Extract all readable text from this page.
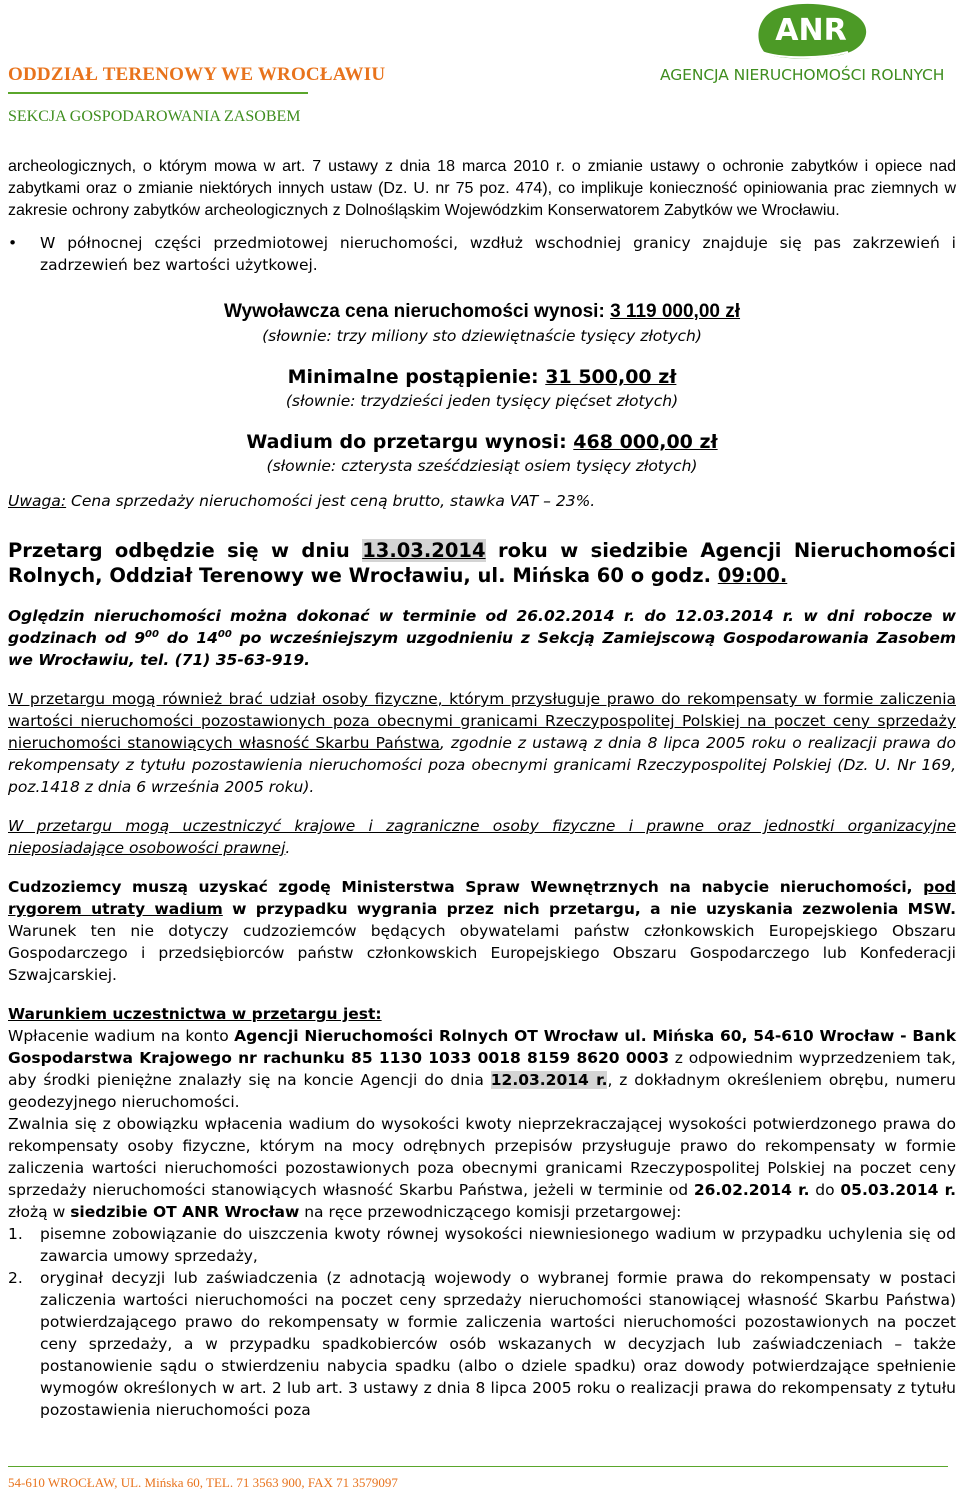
ODDZIAŁ TERENOWY WE WROCŁAWIU
SEKCJA GOSPODAROWANIA ZASOBEM
ANR
AGENCJA NIERUCHOMOŚCI ROLNYCH

archeologicznych, o którym mowa w art. 7 ustawy z dnia 18 marca 2010 r. o zmianie ustawy o ochronie zabytków i opiece nad zabytkami oraz o zmianie niektórych innych ustaw (Dz. U. nr 75 poz. 474), co implikuje konieczność opiniowania prac ziemnych w zakresie ochrony zabytków archeologicznych z Dolnośląskim Wojewódzkim Konserwatorem Zabytków we Wrocławiu.

• W północnej części przedmiotowej nieruchomości, wzdłuż wschodniej granicy znajduje się pas zakrzewień i zadrzewień bez wartości użytkowej.

Wywoławcza cena nieruchomości wynosi: 3 119 000,00 zł
(słownie: trzy miliony sto dziewiętnaście tysięcy złotych)
Minimalne postąpienie: 31 500,00 zł
(słownie: trzydzieści jeden tysięcy pięćset złotych)
Wadium do przetargu wynosi: 468 000,00 zł
(słownie: czterysta sześćdziesiąt osiem tysięcy złotych)

Uwaga: Cena sprzedaży nieruchomości jest ceną brutto, stawka VAT – 23%.

Przetarg odbędzie się w dniu 13.03.2014 roku w siedzibie Agencji Nieruchomości Rolnych, Oddział Terenowy we Wrocławiu, ul. Mińska 60 o godz. 09:00.

Oględzin nieruchomości można dokonać w terminie od 26.02.2014 r. do 12.03.2014 r. w dni robocze w godzinach od $9^{00}$ do $14^{00}$ po wcześniejszym uzgodnieniu z Sekcją Zamiejscową Gospodarowania Zasobem we Wrocławiu, tel. (71) 35-63-919.

W przetargu mogą również brać udział osoby fizyczne, którym przysługuje prawo do rekompensaty w formie zaliczenia wartości nieruchomości pozostawionych poza obecnymi granicami Rzeczypospolitej Polskiej na poczet ceny sprzedaży nieruchomości stanowiących własność Skarbu Państwa, zgodnie z ustawą z dnia 8 lipca 2005 roku o realizacji prawa do rekompensaty z tytułu pozostawienia nieruchomości poza obecnymi granicami Rzeczypospolitej Polskiej (Dz. U. Nr 169, poz.1418 z dnia 6 września 2005 roku).

W przetargu mogą uczestniczyć krajowe i zagraniczne osoby fizyczne i prawne oraz jednostki organizacyjne nieposiadające osobowości prawnej.

Cudzoziemcy muszą uzyskać zgodę Ministerstwa Spraw Wewnętrznych na nabycie nieruchomości, pod rygorem utraty wadium w przypadku wygrania przez nich przetargu, a nie uzyskania zezwolenia MSW. Warunek ten nie dotyczy cudzoziemców będących obywatelami państw członkowskich Europejskiego Obszaru Gospodarczego i przedsiębiorców państw członkowskich Europejskiego Obszaru Gospodarczego lub Konfederacji Szwajcarskiej.

Warunkiem uczestnictwa w przetargu jest:

Wpłacenie wadium na konto Agencji Nieruchomości Rolnych OT Wrocław ul. Mińska 60, 54-610 Wrocław - Bank Gospodarstwa Krajowego nr rachunku 85 1130 1033 0018 8159 8620 0003 z odpowiednim wyprzedzeniem tak, aby środki pieniężne znalazły się na koncie Agencji do dnia 12.03.2014 r., z dokładnym określeniem obrębu, numeru geodezyjnego nieruchomości.

Zwalnia się z obowiązku wpłacenia wadium do wysokości kwoty nieprzekraczającej wysokości potwierdzonego prawa do rekompensaty osoby fizyczne, którym na mocy odrębnych przepisów przysługuje prawo do rekompensaty w formie zaliczenia wartości nieruchomości pozostawionych poza obecnymi granicami Rzeczypospolitej Polskiej na poczet ceny sprzedaży nieruchomości stanowiących własność Skarbu Państwa, jeżeli w terminie od 26.02.2014 r. do 05.03.2014 r. złożą w siedzibie OT ANR Wrocław na ręce przewodniczącego komisji przetargowej:

1. pisemne zobowiązanie do uiszczenia kwoty równej wysokości niewniesionego wadium w przypadku uchylenia się od zawarcia umowy sprzedaży,
2. oryginał decyzji lub zaświadczenia (z adnotacją wojewody o wybranej formie prawa do rekompensaty w postaci zaliczenia wartości nieruchomości na poczet ceny sprzedaży nieruchomości stanowiącej własność Skarbu Państwa) potwierdzającego prawo do rekompensaty w formie zaliczenia wartości nieruchomości pozostawionych na poczet ceny sprzedaży, a w przypadku spadkobierców osób wskazanych w decyzjach lub zaświadczeniach – także postanowienie sądu o stwierdzeniu nabycia spadku (albo o dziele spadku) oraz dowody potwierdzające spełnienie wymogów określonych w art. 2 lub art. 3 ustawy z dnia 8 lipca 2005 roku o realizacji prawa do rekompensaty z tytułu pozostawienia nieruchomości poza
54-610 WROCŁAW, UL. Mińska 60, TEL. 71 3563 900, FAX 71 3579097
